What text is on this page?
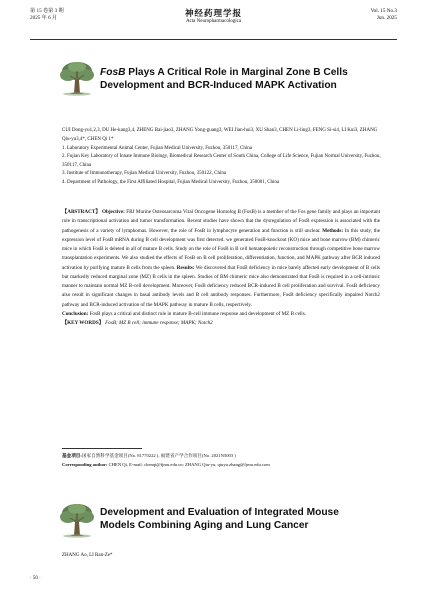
第 15 卷第 3 期
2025 年 6 月	神经药理学报
Acta Neuropharmacologica
Vol. 15 No.3
Jun. 2025
FosB Plays A Critical Role in Marginal Zone B Cells
Development and BCR-Induced MAPK Activation
CUI Dong-yu1,2,3, DU He-kang3,4, ZHENG Bai-jiao3, ZHANG Yong-guang3, WEI Jian-hui3, XU Shan3, CHEN Li-ling3, FENG Si-si4, LI Kui3, ZHANG Qiu-yu3,4*, CHEN Qi 1*
1. Laboratory Experimental Animal Center, Fujian Medical University, Fuzhou, 350117, China
2. Fujian Key Laboratory of Innate Immune Biology, Biomedical Research Center of South China, College of Life Science, Fujian Normal University, Fuzhou, 350117, China
3. Institute of Immunotherapy, Fujian Medical University, Fuzhou, 350122, China
4. Department of Pathology, the First Affiliated Hospital, Fujian Medical University, Fuzhou, 350001, China
【ABSTRACT】 Objective: FBJ Murine Osteosarcoma Viral Oncogene Homolog B (FosB) is a member of the Fos gene family and plays an important role in transcriptional activation and tumor transformation. Recent studies have shown that the dysregulation of FosB expression is associated with the pathogenesis of a variety of lymphomas. However, the role of FosB in lymphocyte generation and function is still unclear. Methods: In this study, the expression level of FosB mRNA during B cell development was first detected. we generated FosB-knockout (KO) mice and bone marrow (BM) chimeric mice in which FosB is deleted in all of mature B cells. Study on the role of FosB in B cell hematopoietic reconstruction through competitive bone marrow transplantation experiments. We also studied the effects of FosB on B cell proliferation, differentiation, function, and MAPK pathway after BCR induced activation by purifying mature B cells from the spleen. Results: We discovered that FosB deficiency in mice barely affected early development of B cells but markedly reduced marginal zone (MZ) B cells in the spleen. Studies of BM chimeric mice also demonstrated that FosB is required in a cell-intrinsic manner to maintain normal MZ B-cell development. Moreover, FosB deficiency reduced BCR-induced B cell proliferation and survival. FosB deficiency also result in significant changes in basal antibody levels and B cell antibody responses. Furthermore, FosB deficiency specifically impaired Notch2 pathway and BCR-induced activation of the MAPK pathway in mature B cells, respectively.
Conclusion: FosB plays a critical and distinct role in mature B-cell immune response and development of MZ B cells.
【KEY WORDS】 FosB; MZ B cell; immune response; MAPK; Notch2
基金项目:国家自然科学基金项目(No. 81770222 ), 福建省产学合作项目(No. 2021N5003 )
Corresponding author: CHEN Qi, E-mail: chenqi@fjmu.edu.cn; ZHANG Qiu-yu, qiuyu.zhang@fjmu.edu.com
Development and Evaluation of Integrated Mouse
Models Combining Aging and Lung Cancer
ZHANG Ao, LI Ran-Ze*
· 50 ·
